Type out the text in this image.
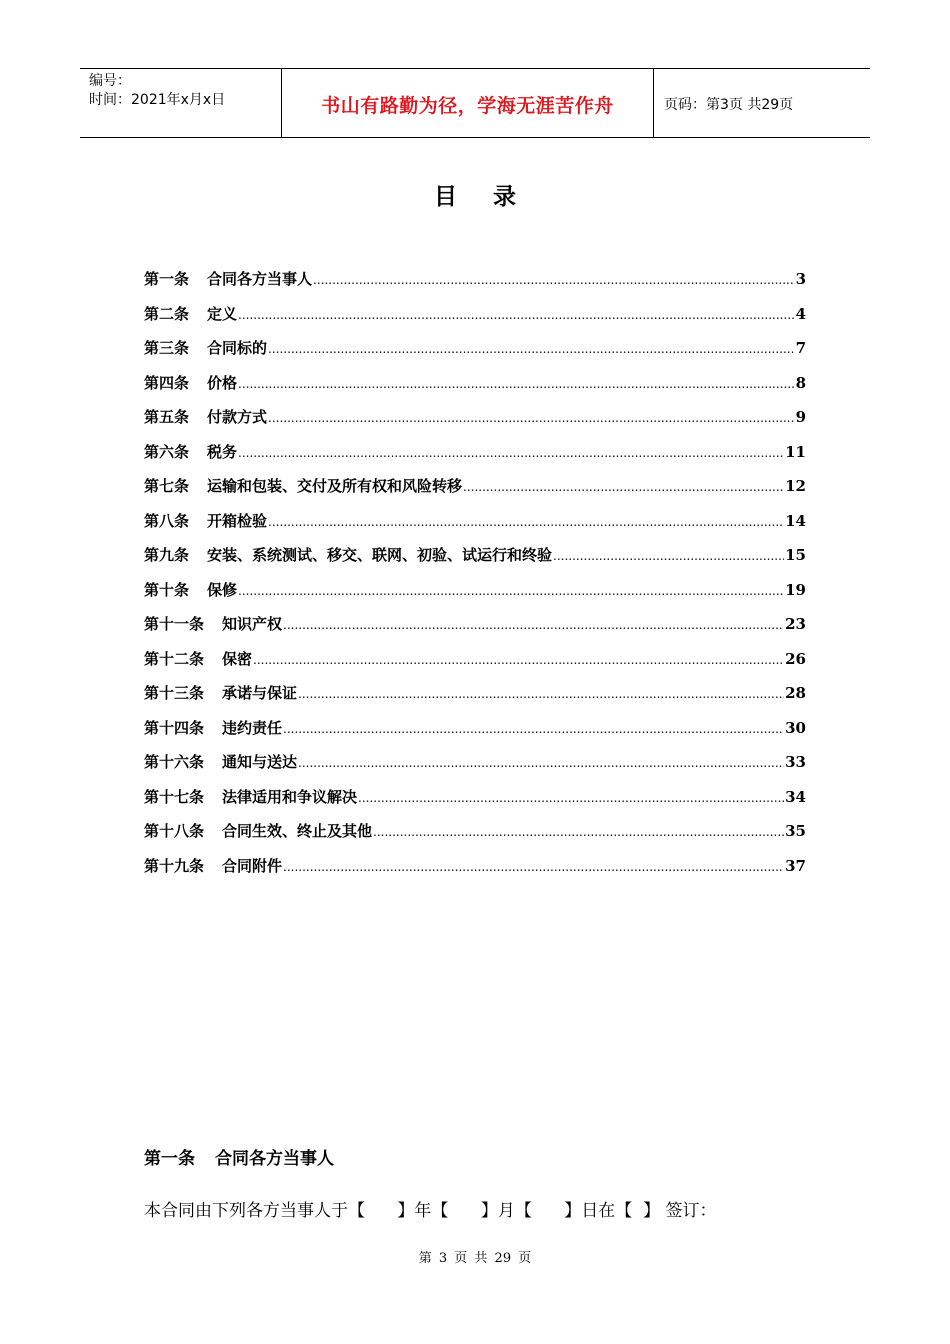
编号：
时间：2021年x月x日	书山有路勤为径，学海无涯苦作舟	页码：第3页 共29页
目 录
第一条 合同各方当事人 .....	3
第二条 定义 .....	4
第三条 合同标的 .....	7
第四条 价格 .....	8
第五条 付款方式 .....	9
第六条 税务 .....	11
第七条 运输和包装、交付及所有权和风险转移 .....	12
第八条 开箱检验 .....	14
第九条 安装、系统测试、移交、联网、初验、试运行和终验 .....	15
第十条 保修 .....	19
第十一条 知识产权 .....	23
第十二条 保密 .....	26
第十三条 承诺与保证 .....	28
第十四条 违约责任 .....	30
第十六条 通知与送达 .....	33
第十七条 法律适用和争议解决 .....	34
第十八条 合同生效、终止及其他 .....	35
第十九条 合同附件 .....	37
第一条 合同各方当事人
本合同由下列各方当事人于【      】年【      】月【      】日在【  】 签订：
第 3 页 共 29 页
